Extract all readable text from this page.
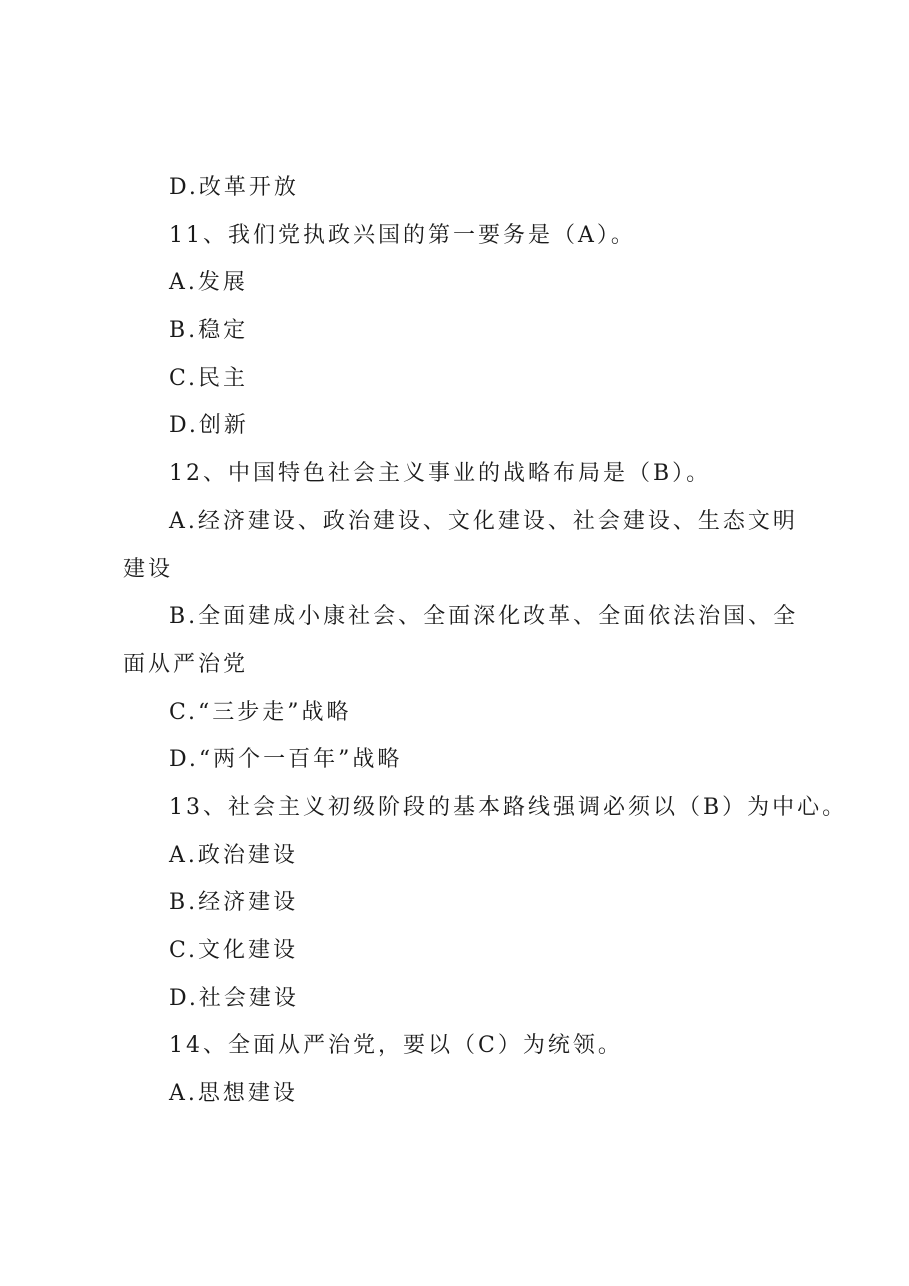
D.改革开放
11、我们党执政兴国的第一要务是（A）。
A.发展
B.稳定
C.民主
D.创新
12、中国特色社会主义事业的战略布局是（B）。
A.经济建设、政治建设、文化建设、社会建设、生态文明
建设
B.全面建成小康社会、全面深化改革、全面依法治国、全
面从严治党
C.“三步走”战略
D.“两个一百年”战略
13、社会主义初级阶段的基本路线强调必须以（B）为中心。
A.政治建设
B.经济建设
C.文化建设
D.社会建设
14、全面从严治党，要以（C）为统领。
A.思想建设
